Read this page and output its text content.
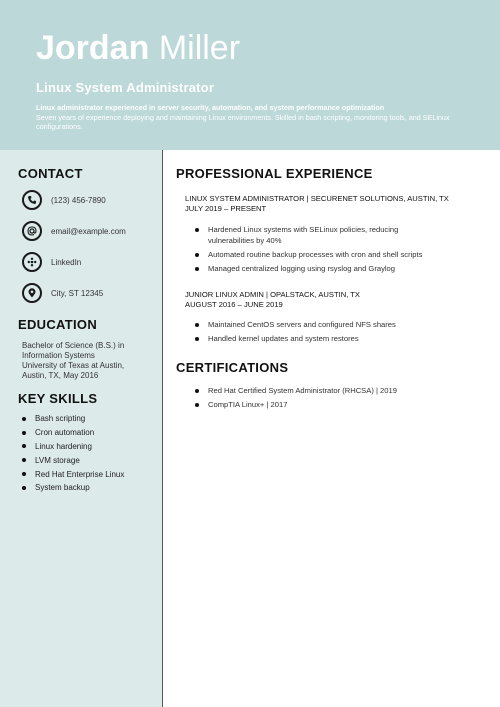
Jordan Miller
Linux System Administrator
Linux administrator experienced in server security, automation, and system performance optimization
Seven years of experience deploying and maintaining Linux environments. Skilled in bash scripting, monitoring tools, and SELinux configurations.
CONTACT
(123) 456-7890
email@example.com
LinkedIn
City, ST 12345
EDUCATION
Bachelor of Science (B.S.) in
Information Systems
University of Texas at Austin,
Austin, TX, May 2016
KEY SKILLS
Bash scripting
Cron automation
Linux hardening
LVM storage
Red Hat Enterprise Linux
System backup
PROFESSIONAL EXPERIENCE
LINUX SYSTEM ADMINISTRATOR | SECURENET SOLUTIONS, AUSTIN, TX
JULY 2019 – PRESENT
Hardened Linux systems with SELinux policies, reducing vulnerabilities by 40%
Automated routine backup processes with cron and shell scripts
Managed centralized logging using rsyslog and Graylog
JUNIOR LINUX ADMIN | OPALSTACK, AUSTIN, TX
AUGUST 2016 – JUNE 2019
Maintained CentOS servers and configured NFS shares
Handled kernel updates and system restores
CERTIFICATIONS
Red Hat Certified System Administrator (RHCSA) | 2019
CompTIA Linux+ | 2017
